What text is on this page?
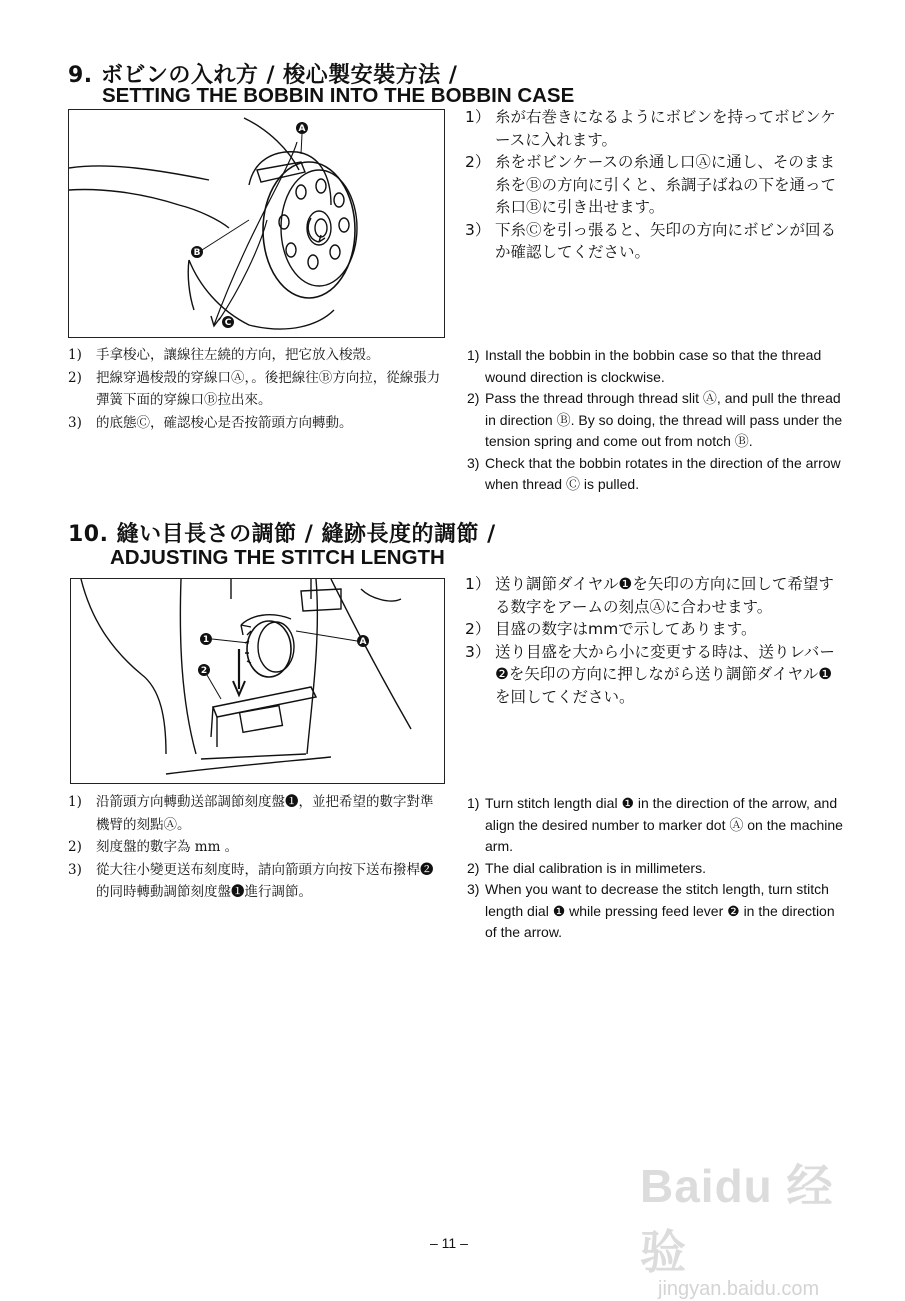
9. ボビンの入れ方 / 梭心製安裝方法 /
SETTING THE BOBBIN INTO THE BOBBIN CASE
A
B
C
1） 糸が右巻きになるようにボビンを持ってボビンケースに入れます。
2） 糸をボビンケースの糸通し口Ⓐに通し、そのまま糸をⒷの方向に引くと、糸調子ばねの下を通って糸口Ⓑに引き出せます。
3） 下糸Ⓒを引っ張ると、矢印の方向にボビンが回るか確認してください。
1)	手拿梭心，讓線往左繞的方向，把它放入梭殼。
2)	把線穿過梭殼的穿線口Ⓐ，。後把線往Ⓑ方向拉，從線張力彈簧下面的穿線口Ⓑ拉出來。
3)	的底態Ⓒ，確認梭心是否按箭頭方向轉動。
1) Install the bobbin in the bobbin case so that the thread wound direction is clockwise.
2) Pass the thread through thread slit Ⓐ, and pull the thread in direction Ⓑ. By so doing, the thread will pass under the tension spring and come out from notch Ⓑ.
3) Check that the bobbin rotates in the direction of the arrow when thread Ⓒ is pulled.
10. 縫い目長さの調節 / 縫跡長度的調節 /
ADJUSTING THE STITCH LENGTH
1
2
A
1） 送り調節ダイヤル❶を矢印の方向に回して希望する数字をアームの刻点Ⓐに合わせます。
2） 目盛の数字はmmで示してあります。
3） 送り目盛を大から小に変更する時は、送りレバー❷を矢印の方向に押しながら送り調節ダイヤル❶を回してください。
1)	沿箭頭方向轉動送部調節刻度盤❶，並把希望的數字對準機臂的刻點Ⓐ。
2)	刻度盤的數字為 mm 。
3)	從大往小變更送布刻度時，請向箭頭方向按下送布撥桿❷的同時轉動調節刻度盤❶進行調節。
1) Turn stitch length dial ❶ in the direction of the arrow, and align the desired number to marker dot Ⓐ on the machine arm.
2) The dial calibration is in millimeters.
3) When you want to decrease the stitch length, turn stitch length dial ❶ while pressing feed lever ❷ in the direction of the arrow.
Baidu 经验
jingyan.baidu.com
– 11 –
